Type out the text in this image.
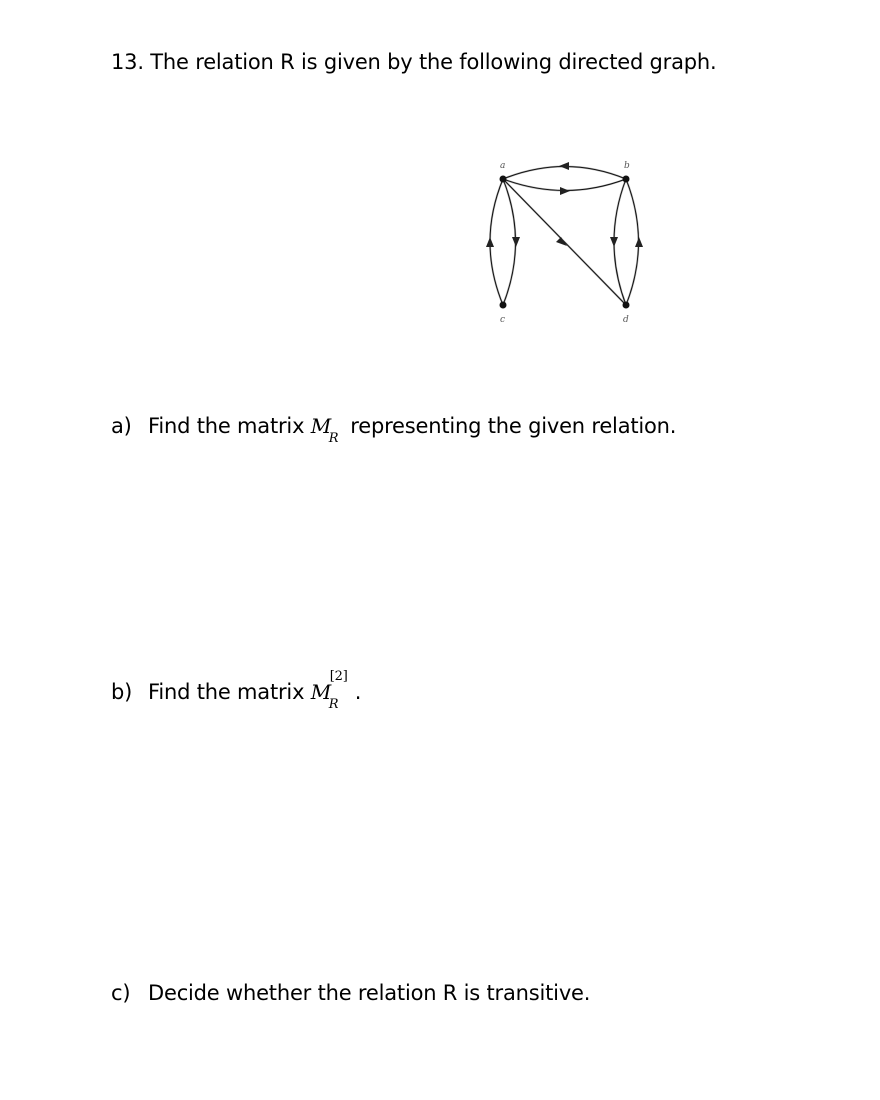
13. The relation R is given by the following directed graph.
a	b
c	d
a) Find the matrix M
R
representing the given relation.
b) Find the matrix M
[2]
R
.
c) Decide whether the relation R is transitive.
